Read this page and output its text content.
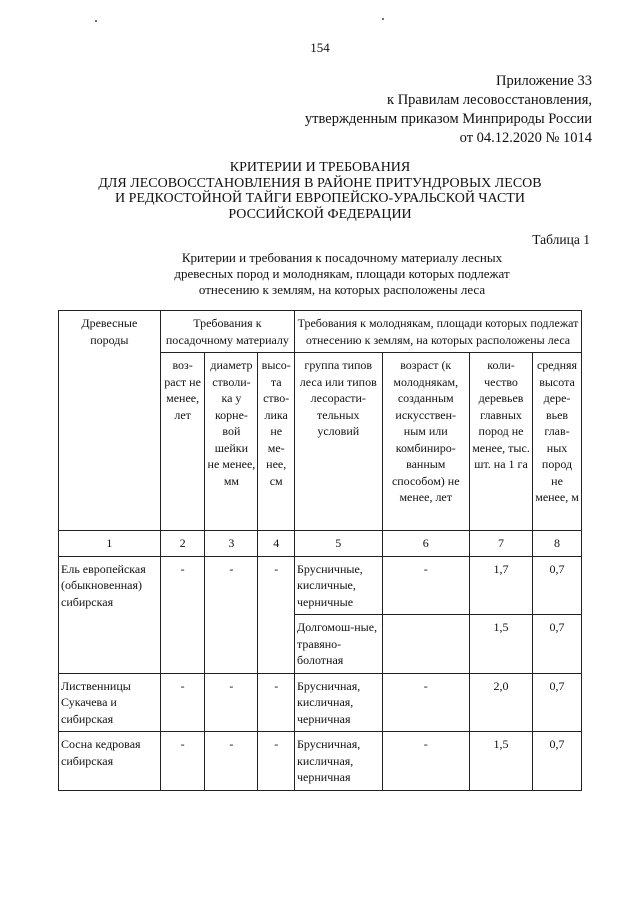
154
Приложение 33
к Правилам лесовосстановления,
утвержденным приказом Минприроды России
от 04.12.2020 № 1014
КРИТЕРИИ И ТРЕБОВАНИЯ
ДЛЯ ЛЕСОВОССТАНОВЛЕНИЯ В РАЙОНЕ ПРИТУНДРОВЫХ ЛЕСОВ
И РЕДКОСТОЙНОЙ ТАЙГИ ЕВРОПЕЙСКО-УРАЛЬСКОЙ ЧАСТИ
РОССИЙСКОЙ ФЕДЕРАЦИИ
Таблица 1
Критерии и требования к посадочному материалу лесных
древесных пород и молоднякам, площади которых подлежат
отнесению к землям, на которых расположены леса
Древесные породы	Требования к посадочному материалу			Требования к молоднякам, площади которых подлежат отнесению к землям, на которых расположены леса			
	воз-раст не менее, лет	диаметр стволи-ка у корне-вой шейки не менее, мм	высо-та ство-лика не ме-нее, см	группа типов леса или типов лесорасти-тельных условий	возраст (к молоднякам, созданным искусствен-ным или комбиниро-ванным способом) не менее, лет	коли-чество деревьев главных пород не менее, тыс. шт. на 1 га	средняя высота дере-вьев глав-ных пород не менее, м
1	2	3	4	5	6	7	8
Ель европейская (обыкновенная) сибирская	-	-	-	Брусничные, кисличные, черничные	-	1,7	0,7
				Долгомош-ные, травяно-болотная		1,5	0,7
Лиственницы Сукачева и сибирская	-	-	-	Брусничная, кисличная, черничная	-	2,0	0,7
Сосна кедровая сибирская	-	-	-	Брусничная, кисличная, черничная	-	1,5	0,7
